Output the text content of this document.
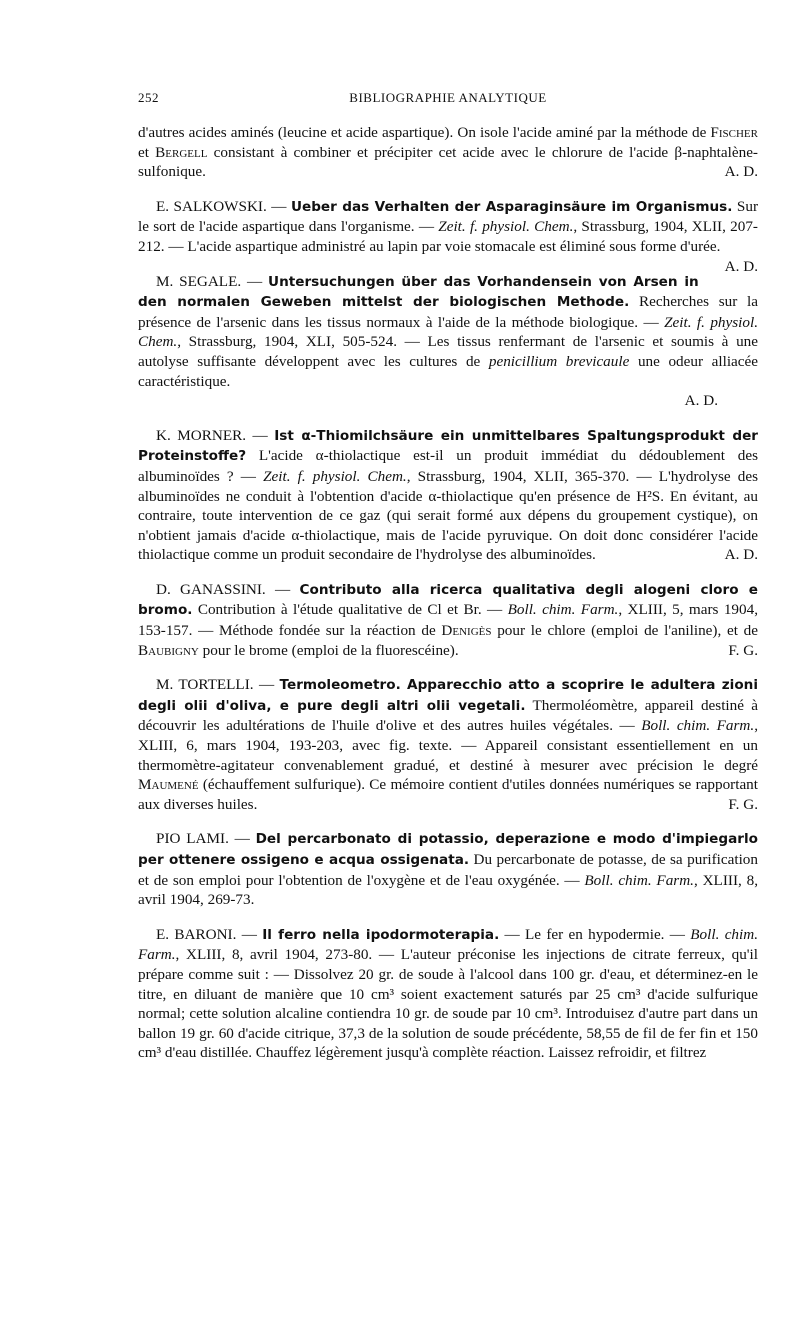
252	BIBLIOGRAPHIE ANALYTIQUE

d'autres acides aminés (leucine et acide aspartique). On isole l'acide aminé par la méthode de Fischer et Bergell consistant à combiner et précipiter cet acide avec le chlorure de l'acide β-naphtalène-sulfonique.	A. D.

E. SALKOWSKI. — Ueber das Verhalten der Asparaginsäure im Organismus. Sur le sort de l'acide aspartique dans l'organisme. — Zeit. f. physiol. Chem., Strassburg, 1904, XLII, 207-212. — L'acide aspartique administré au lapin par voie stomacale est éliminé sous forme d'urée.
A. D.

M. SEGALE. — Untersuchungen über das Vorhandensein von Arsen in den normalen Geweben mittelst der biologischen Methode. Recherches sur la présence de l'arsenic dans les tissus normaux à l'aide de la méthode biologique. — Zeit. f. physiol. Chem., Strassburg, 1904, XLI, 505-524. — Les tissus renfermant de l'arsenic et soumis à une autolyse suffisante développent avec les cultures de penicillium brevicaule une odeur alliacée caractéristique.
A. D.

K. MORNER. — Ist α-Thiomilchsäure ein unmittelbares Spaltungsprodukt der Proteinstoffe? L'acide α-thiolactique est-il un produit immédiat du dédoublement des albuminoïdes ? — Zeit. f. physiol. Chem., Strassburg, 1904, XLII, 365-370. — L'hydrolyse des albuminoïdes ne conduit à l'obtention d'acide α-thiolactique qu'en présence de H²S. En évitant, au contraire, toute intervention de ce gaz (qui serait formé aux dépens du groupement cystique), on n'obtient jamais d'acide α-thiolactique, mais de l'acide pyruvique. On doit donc considérer l'acide thiolactique comme un produit secondaire de l'hydrolyse des albuminoïdes.	A. D.

D. GANASSINI. — Contributo alla ricerca qualitativa degli alogeni cloro e bromo. Contribution à l'étude qualitative de Cl et Br. — Boll. chim. Farm., XLIII, 5, mars 1904, 153-157. — Méthode fondée sur la réaction de Denigès pour le chlore (emploi de l'aniline), et de Baubigny pour le brome (emploi de la fluorescéine).	F. G.

M. TORTELLI. — Termoleometro. Apparecchio atto a scoprire le adultera zioni degli olii d'oliva, e pure degli altri olii vegetali. Thermoléomètre, appareil destiné à découvrir les adultérations de l'huile d'olive et des autres huiles végétales. — Boll. chim. Farm., XLIII, 6, mars 1904, 193-203, avec fig. texte. — Appareil consistant essentiellement en un thermomètre-agitateur convenablement gradué, et destiné à mesurer avec précision le degré Maumené (échauffement sulfurique). Ce mémoire contient d'utiles données numériques se rapportant aux diverses huiles.	F. G.

PIO LAMI. — Del percarbonato di potassio, deperazione e modo d'impiegarlo per ottenere ossigeno e acqua ossigenata. Du percarbonate de potasse, de sa purification et de son emploi pour l'obtention de l'oxygène et de l'eau oxygénée. — Boll. chim. Farm., XLIII, 8, avril 1904, 269-73.

E. BARONI. — Il ferro nella ipodormoterapia. — Le fer en hypodermie. — Boll. chim. Farm., XLIII, 8, avril 1904, 273-80. — L'auteur préconise les injections de citrate ferreux, qu'il prépare comme suit : — Dissolvez 20 gr. de soude à l'alcool dans 100 gr. d'eau, et déterminez-en le titre, en diluant de manière que 10 cm³ soient exactement saturés par 25 cm³ d'acide sulfurique normal; cette solution alcaline contiendra 10 gr. de soude par 10 cm³. Introduisez d'autre part dans un ballon 19 gr. 60 d'acide citrique, 37,3 de la solution de soude précédente, 58,55 de fil de fer fin et 150 cm³ d'eau distillée. Chauffez légèrement jusqu'à complète réaction. Laissez refroidir, et filtrez
